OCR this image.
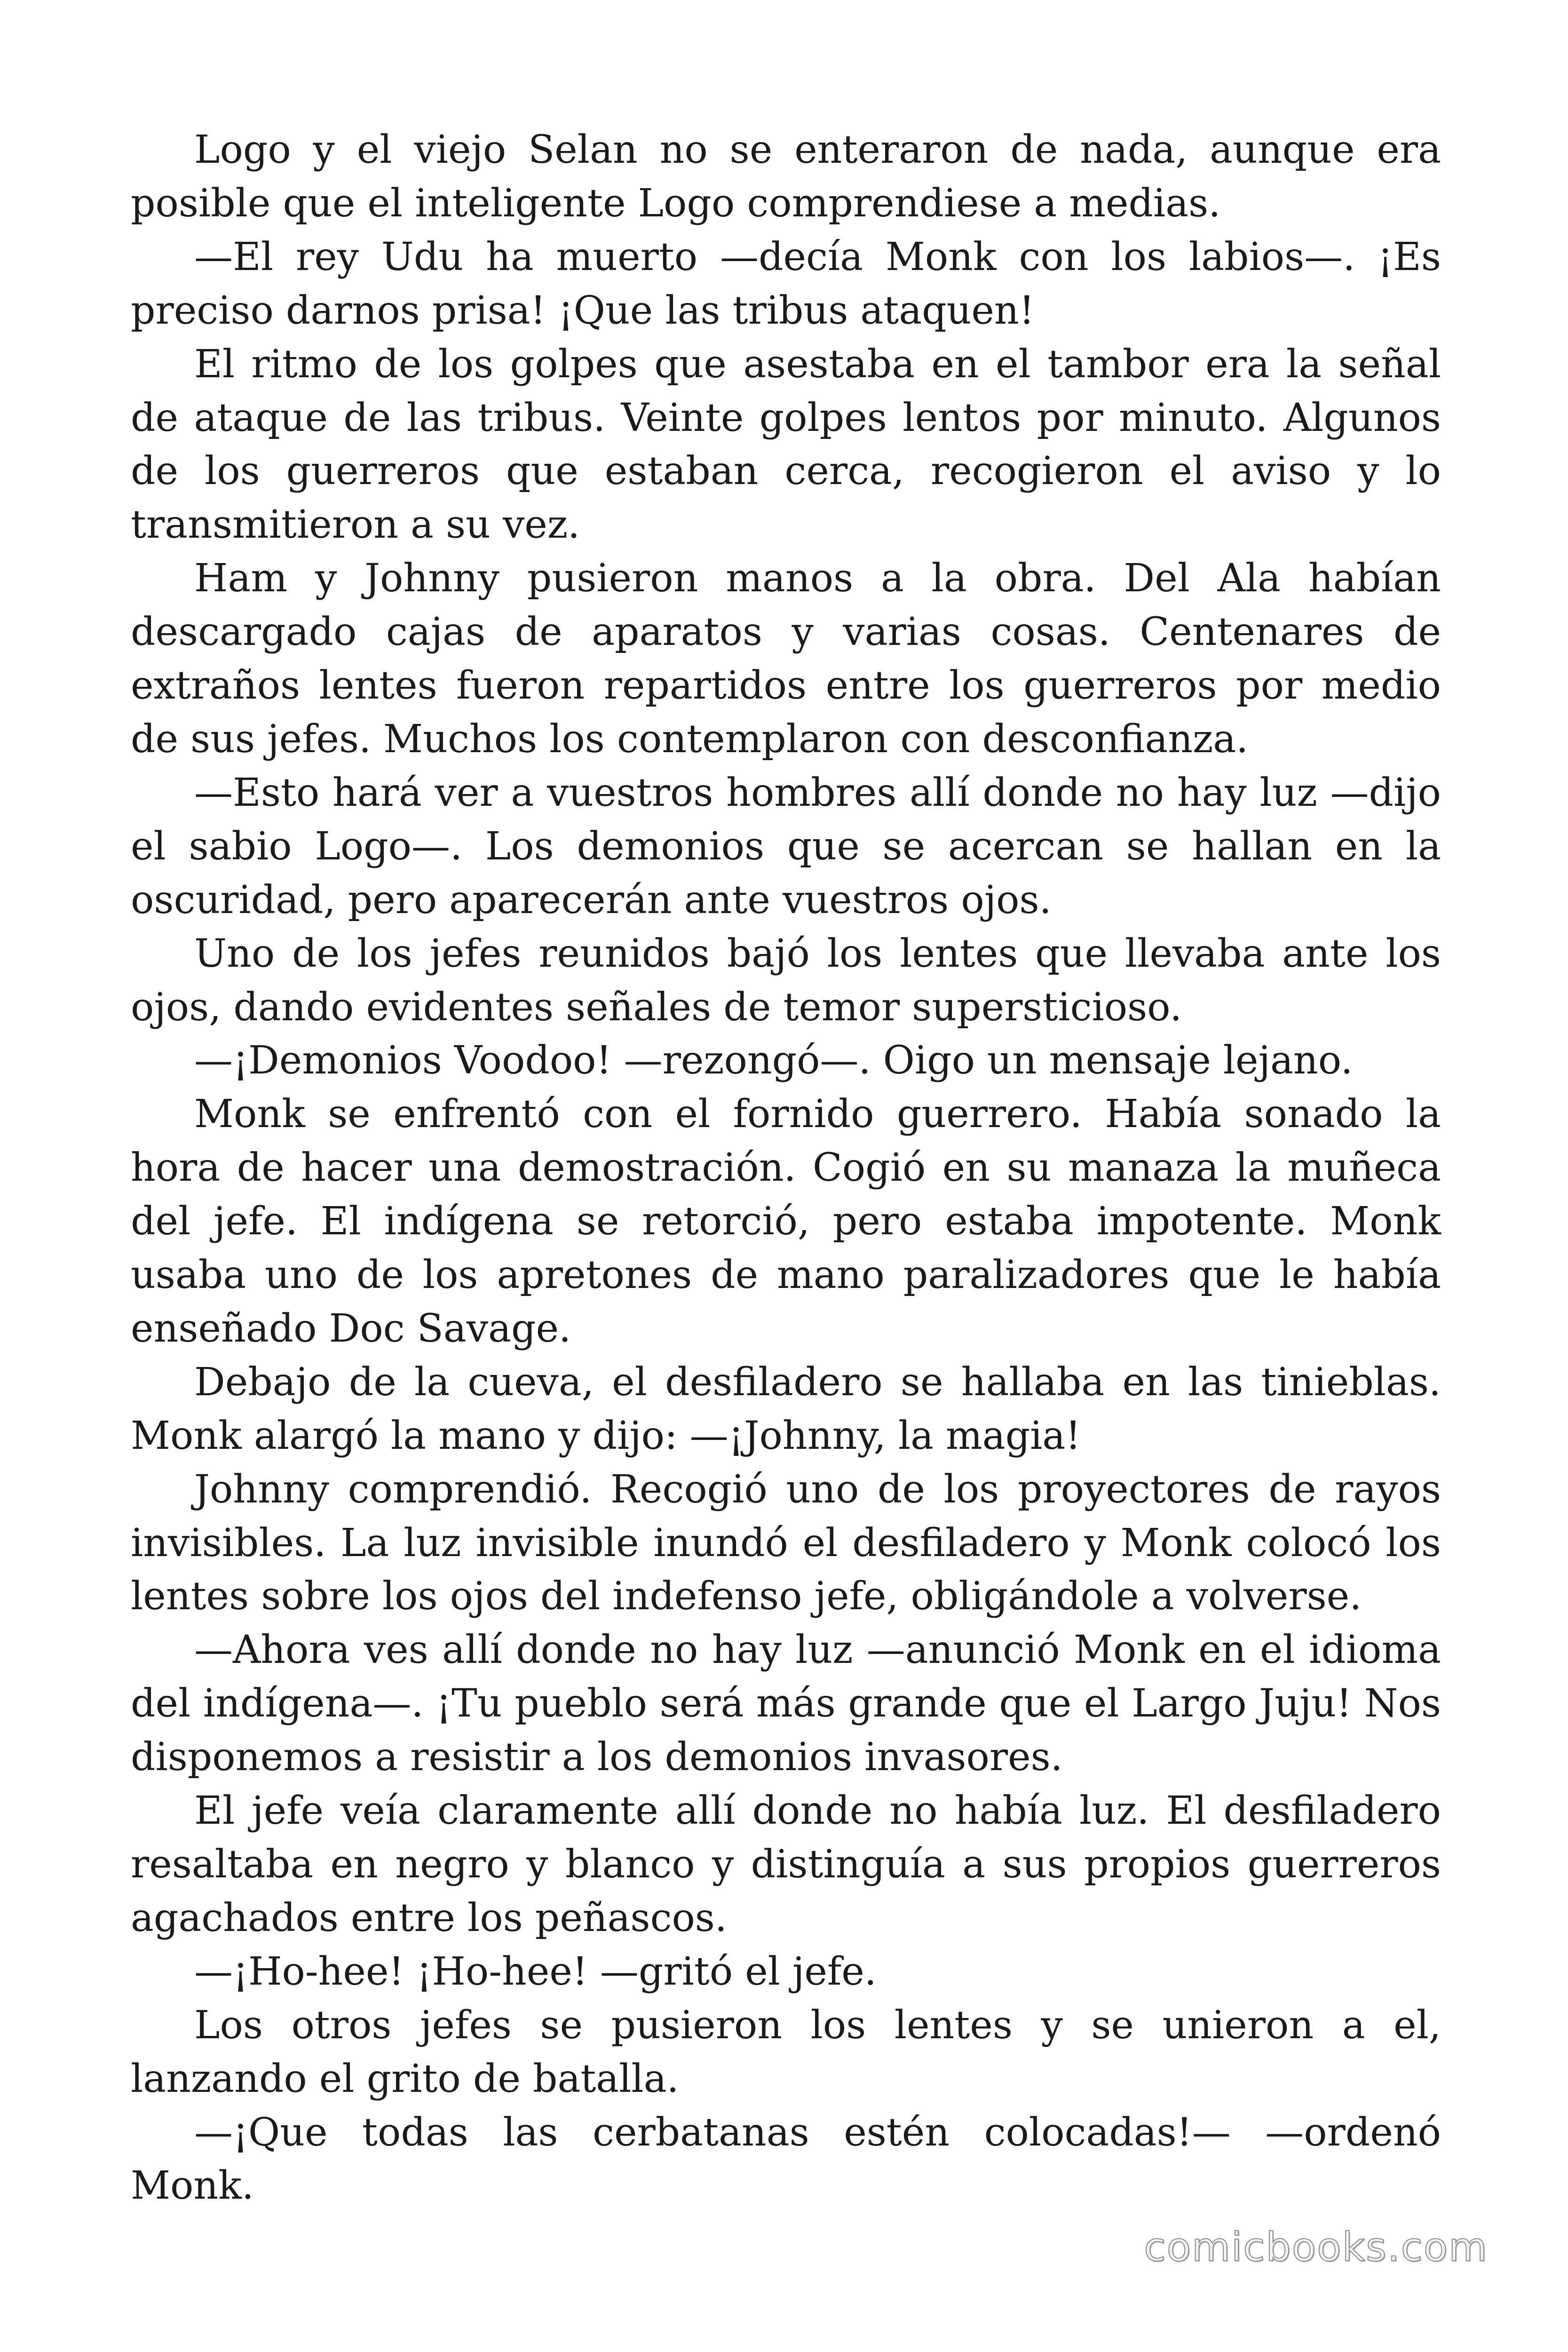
Logo y el viejo Selan no se enteraron de nada, aunque era posible que el inteligente Logo comprendiese a medias.

—El rey Udu ha muerto —decía Monk con los labios—. ¡Es preciso darnos prisa! ¡Que las tribus ataquen!

El ritmo de los golpes que asestaba en el tambor era la señal de ataque de las tribus. Veinte golpes lentos por minuto. Algunos de los guerreros que estaban cerca, recogieron el aviso y lo transmitieron a su vez.

Ham y Johnny pusieron manos a la obra. Del Ala habían descargado cajas de aparatos y varias cosas. Centenares de extraños lentes fueron repartidos entre los guerreros por medio de sus jefes. Muchos los contemplaron con desconfianza.

—Esto hará ver a vuestros hombres allí donde no hay luz —dijo el sabio Logo—. Los demonios que se acercan se hallan en la oscuridad, pero aparecerán ante vuestros ojos.

Uno de los jefes reunidos bajó los lentes que llevaba ante los ojos, dando evidentes señales de temor supersticioso.

—¡Demonios Voodoo! —rezongó—. Oigo un mensaje lejano.

Monk se enfrentó con el fornido guerrero. Había sonado la hora de hacer una demostración. Cogió en su manaza la muñeca del jefe. El indígena se retorció, pero estaba impotente. Monk usaba uno de los apretones de mano paralizadores que le había enseñado Doc Savage.

Debajo de la cueva, el desfiladero se hallaba en las tinieblas. Monk alargó la mano y dijo: —¡Johnny, la magia!

Johnny comprendió. Recogió uno de los proyectores de rayos invisibles. La luz invisible inundó el desfiladero y Monk colocó los lentes sobre los ojos del indefenso jefe, obligándole a volverse.

—Ahora ves allí donde no hay luz —anunció Monk en el idioma del indígena—. ¡Tu pueblo será más grande que el Largo Juju! Nos disponemos a resistir a los demonios invasores.

El jefe veía claramente allí donde no había luz. El desfiladero resaltaba en negro y blanco y distinguía a sus propios guerreros agachados entre los peñascos.

—¡Ho-hee! ¡Ho-hee! —gritó el jefe.

Los otros jefes se pusieron los lentes y se unieron a el, lanzando el grito de batalla.

—¡Que todas las cerbatanas estén colocadas!— —ordenó Monk.

comicbooks.com
